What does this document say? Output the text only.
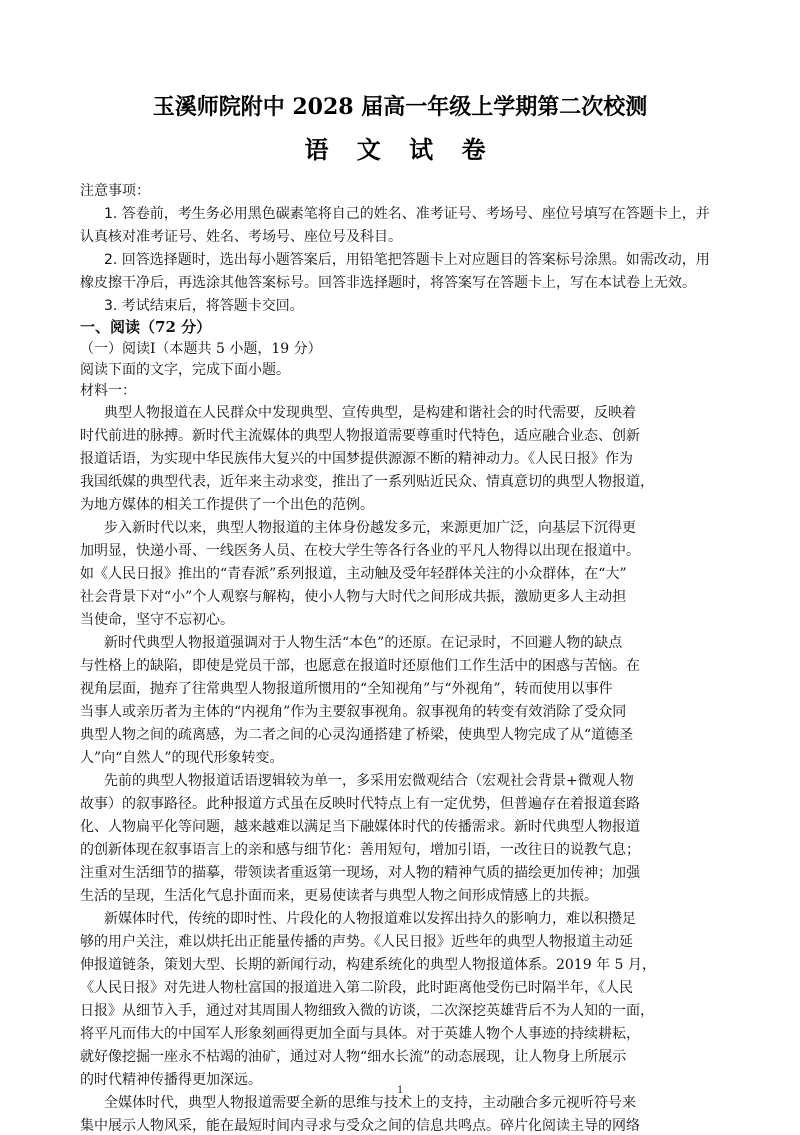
玉溪师院附中 2028 届高一年级上学期第二次校测
语 文 试 卷
注意事项：
1. 答卷前，考生务必用黑色碳素笔将自己的姓名、准考证号、考场号、座位号填写在答题卡上，并
认真核对准考证号、姓名、考场号、座位号及科目。
2. 回答选择题时，选出每小题答案后，用铅笔把答题卡上对应题目的答案标号涂黑。如需改动，用
橡皮擦干净后，再选涂其他答案标号。回答非选择题时，将答案写在答题卡上，写在本试卷上无效。
3. 考试结束后，将答题卡交回。
一、阅读（72 分）
（一）阅读Ⅰ（本题共 5 小题，19 分）
阅读下面的文字，完成下面小题。
材料一：
典型人物报道在人民群众中发现典型、宣传典型，是构建和谐社会的时代需要，反映着
时代前进的脉搏。新时代主流媒体的典型人物报道需要尊重时代特色，适应融合业态、创新
报道话语，为实现中华民族伟大复兴的中国梦提供源源不断的精神动力。《人民日报》作为
我国纸媒的典型代表，近年来主动求变，推出了一系列贴近民众、情真意切的典型人物报道，
为地方媒体的相关工作提供了一个出色的范例。
步入新时代以来，典型人物报道的主体身份越发多元，来源更加广泛，向基层下沉得更
加明显，快递小哥、一线医务人员、在校大学生等各行各业的平凡人物得以出现在报道中。
如《人民日报》推出的“青春派”系列报道，主动触及受年轻群体关注的小众群体，在“大”
社会背景下对“小”个人观察与解构，使小人物与大时代之间形成共振，激励更多人主动担
当使命，坚守不忘初心。
新时代典型人物报道强调对于人物生活“本色”的还原。在记录时，不回避人物的缺点
与性格上的缺陷，即使是党员干部，也愿意在报道时还原他们工作生活中的困惑与苦恼。在
视角层面，抛弃了往常典型人物报道所惯用的“全知视角”与“外视角”，转而使用以事件
当事人或亲历者为主体的“内视角”作为主要叙事视角。叙事视角的转变有效消除了受众同
典型人物之间的疏离感，为二者之间的心灵沟通搭建了桥梁，使典型人物完成了从“道德圣
人”向“自然人”的现代形象转变。
先前的典型人物报道话语逻辑较为单一，多采用宏微观结合（宏观社会背景+微观人物
故事）的叙事路径。此种报道方式虽在反映时代特点上有一定优势，但普遍存在着报道套路
化、人物扁平化等问题，越来越难以满足当下融媒体时代的传播需求。新时代典型人物报道
的创新体现在叙事语言上的亲和感与细节化：善用短句，增加引语，一改往日的说教气息；
注重对生活细节的描摹，带领读者重返第一现场，对人物的精神气质的描绘更加传神；加强
生活的呈现，生活化气息扑面而来，更易使读者与典型人物之间形成情感上的共振。
新媒体时代，传统的即时性、片段化的人物报道难以发挥出持久的影响力，难以积攒足
够的用户关注，难以烘托出正能量传播的声势。《人民日报》近些年的典型人物报道主动延
伸报道链条，策划大型、长期的新闻行动，构建系统化的典型人物报道体系。2019 年 5 月，
《人民日报》对先进人物杜富国的报道进入第二阶段，此时距离他受伤已时隔半年，《人民
日报》从细节入手，通过对其周围人物细致入微的访谈，二次深挖英雄背后不为人知的一面，
将平凡而伟大的中国军人形象刻画得更加全面与具体。对于英雄人物个人事迹的持续耕耘，
就好像挖掘一座永不枯竭的油矿，通过对人物“细水长流”的动态展现，让人物身上所展示
的时代精神传播得更加深远。
全媒体时代，典型人物报道需要全新的思维与技术上的支持，主动融合多元视听符号来
集中展示人物风采，能在最短时间内寻求与受众之间的信息共鸣点。碎片化阅读主导的网络
1
